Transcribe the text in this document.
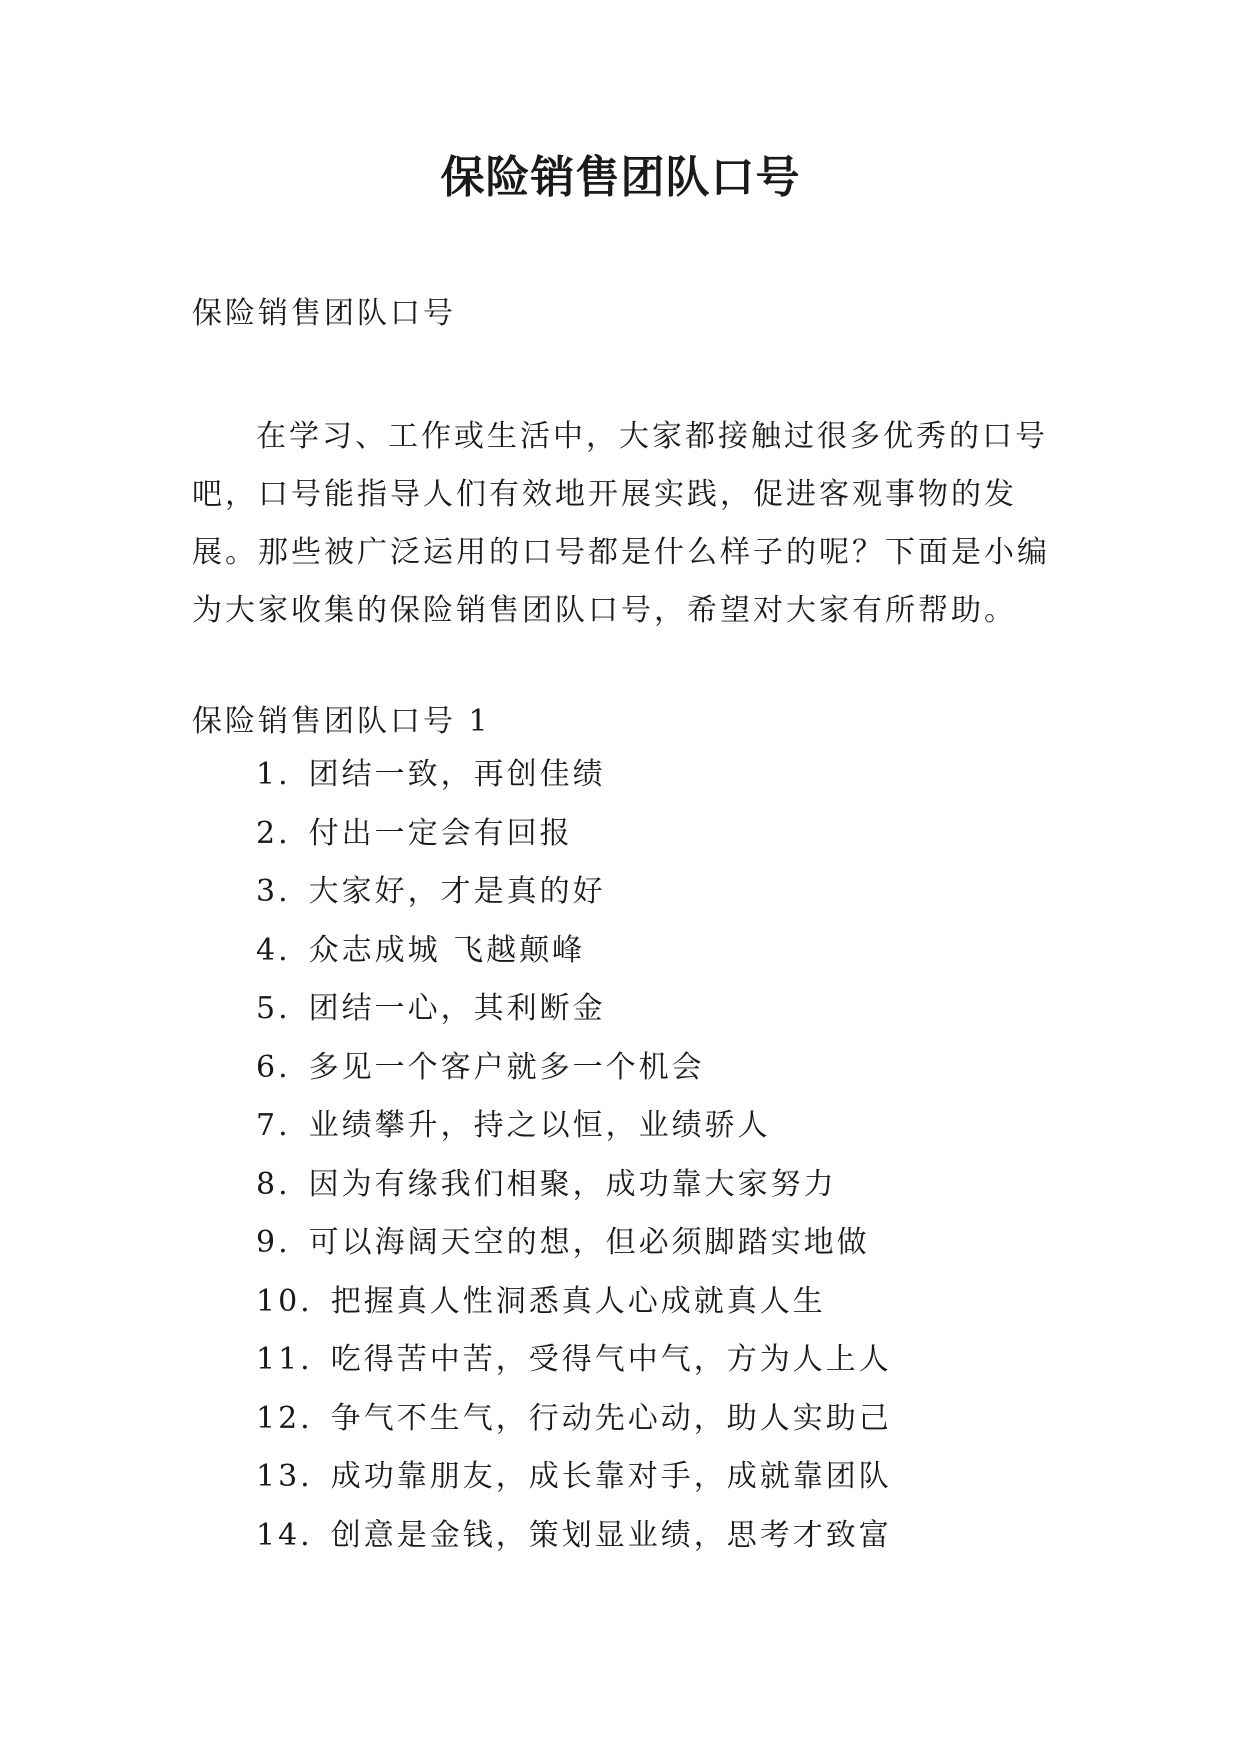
保险销售团队口号

保险销售团队口号

在学习、工作或生活中，大家都接触过很多优秀的口号吧，口号能指导人们有效地开展实践，促进客观事物的发展。那些被广泛运用的口号都是什么样子的呢？下面是小编为大家收集的保险销售团队口号，希望对大家有所帮助。

保险销售团队口号 1

1. 团结一致，再创佳绩
2. 付出一定会有回报
3. 大家好，才是真的好
4. 众志成城 飞越颠峰
5. 团结一心，其利断金
6. 多见一个客户就多一个机会
7. 业绩攀升，持之以恒，业绩骄人
8. 因为有缘我们相聚，成功靠大家努力
9. 可以海阔天空的想，但必须脚踏实地做
10. 把握真人性洞悉真人心成就真人生
11. 吃得苦中苦，受得气中气，方为人上人
12. 争气不生气，行动先心动，助人实助己
13. 成功靠朋友，成长靠对手，成就靠团队
14. 创意是金钱，策划显业绩，思考才致富
